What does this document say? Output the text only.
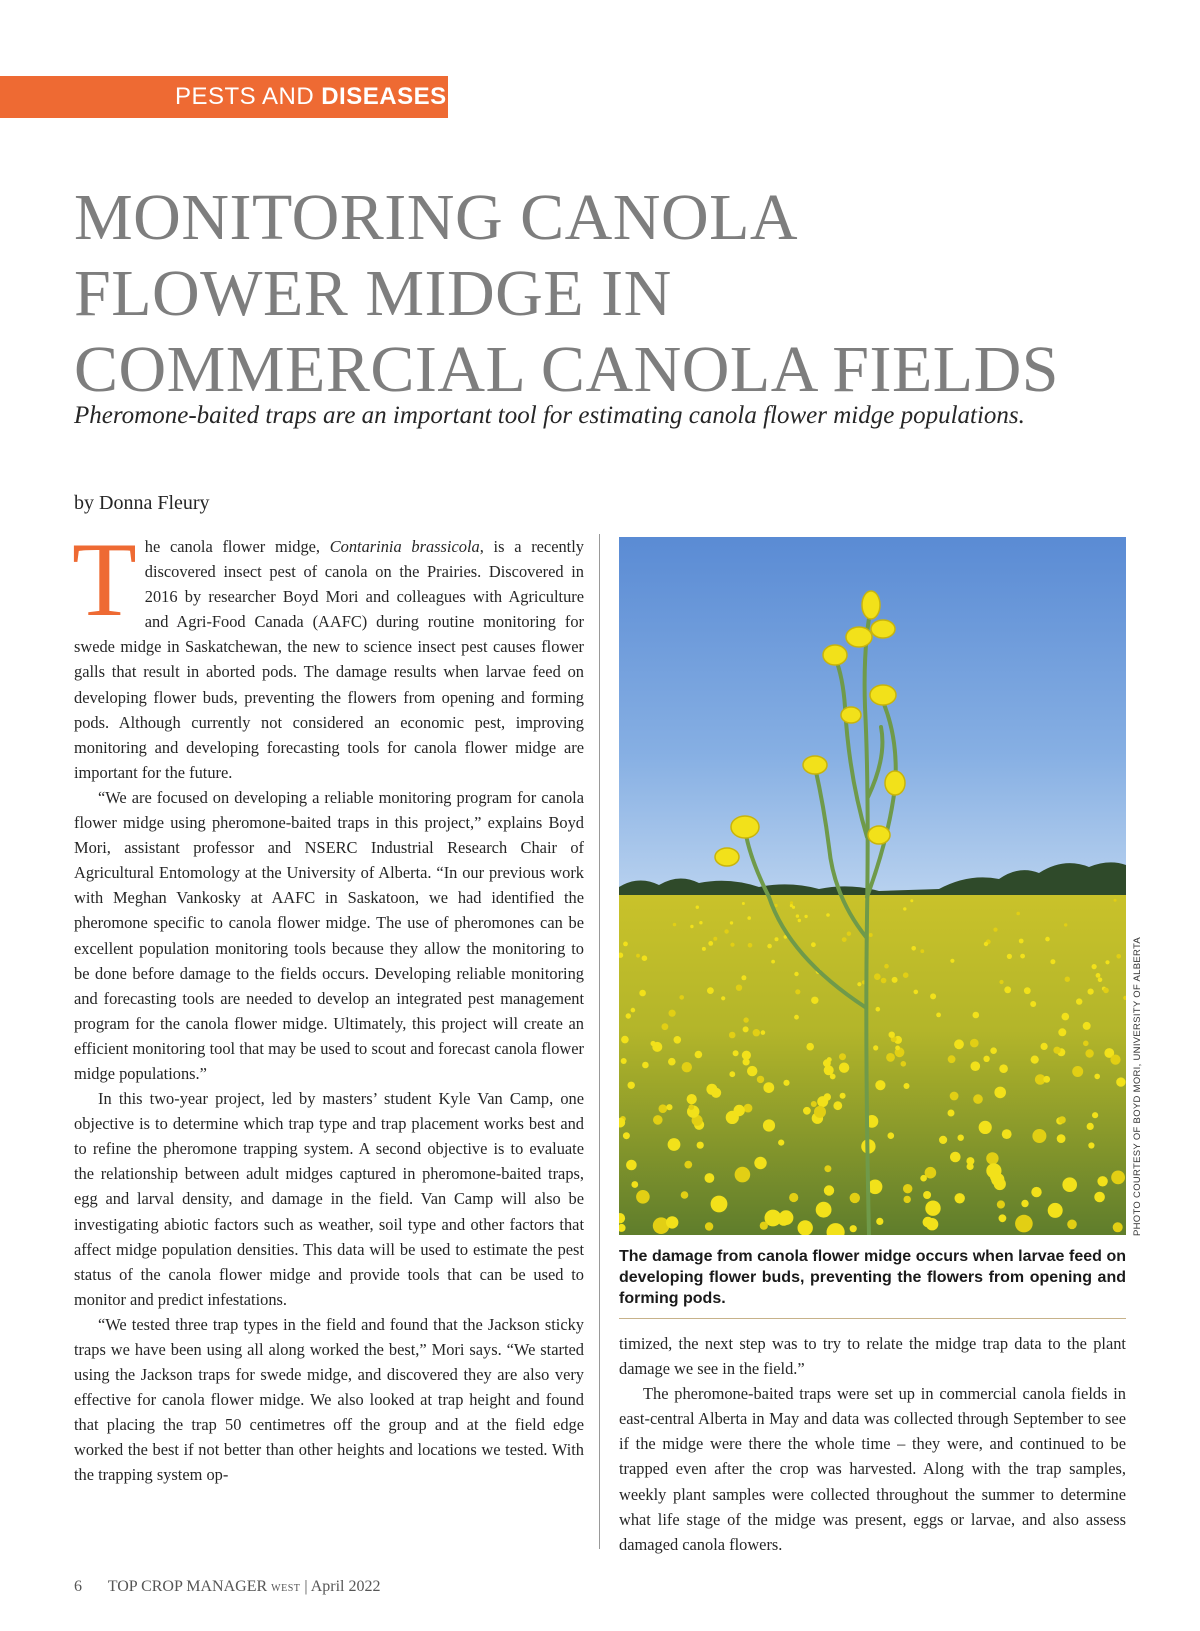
PESTS AND DISEASES
MONITORING CANOLA
FLOWER MIDGE IN
COMMERCIAL CANOLA FIELDS

Pheromone-baited traps are an important tool for estimating canola flower midge populations.

by Donna Fleury

The canola flower midge, Contarinia brassicola, is a recently discovered insect pest of canola on the Prairies. Discovered in 2016 by researcher Boyd Mori and colleagues with Agriculture and Agri-Food Canada (AAFC) during routine monitoring for swede midge in Saskatchewan, the new to science insect pest causes flower galls that result in aborted pods. The damage results when larvae feed on developing flower buds, preventing the flowers from opening and forming pods. Although currently not considered an economic pest, improving monitoring and developing forecasting tools for canola flower midge are important for the future.

“We are focused on developing a reliable monitoring program for canola flower midge using pheromone-baited traps in this project,” explains Boyd Mori, assistant professor and NSERC Industrial Research Chair of Agricultural Entomology at the University of Alberta. “In our previous work with Meghan Vankosky at AAFC in Saskatoon, we had identified the pheromone specific to canola flower midge. The use of pheromones can be excellent population monitoring tools because they allow the monitoring to be done before damage to the fields occurs. Developing reliable monitoring and forecasting tools are needed to develop an integrated pest management program for the canola flower midge. Ultimately, this project will create an efficient monitoring tool that may be used to scout and forecast canola flower midge populations.”

In this two-year project, led by masters’ student Kyle Van Camp, one objective is to determine which trap type and trap placement works best and to refine the pheromone trapping system. A second objective is to evaluate the relationship between adult midges captured in pheromone-baited traps, egg and larval density, and damage in the field. Van Camp will also be investigating abiotic factors such as weather, soil type and other factors that affect midge population densities. This data will be used to estimate the pest status of the canola flower midge and provide tools that can be used to monitor and predict infestations.

“We tested three trap types in the field and found that the Jackson sticky traps we have been using all along worked the best,” Mori says. “We started using the Jackson traps for swede midge, and discovered they are also very effective for canola flower midge. We also looked at trap height and found that placing the trap 50 centimetres off the group and at the field edge worked the best if not better than other heights and locations we tested. With the trapping system op-

PHOTO COURTESY OF BOYD MORI, UNIVERSITY OF ALBERTA

The damage from canola flower midge occurs when larvae feed on developing flower buds, preventing the flowers from opening and forming pods.

timized, the next step was to try to relate the midge trap data to the plant damage we see in the field.”

The pheromone-baited traps were set up in commercial canola fields in east-central Alberta in May and data was collected through September to see if the midge were there the whole time – they were, and continued to be trapped even after the crop was harvested. Along with the trap samples, weekly plant samples were collected throughout the summer to determine what life stage of the midge was present, eggs or larvae, and also assess damaged canola flowers.

6 TOP CROP MANAGER WEST | April 2022
